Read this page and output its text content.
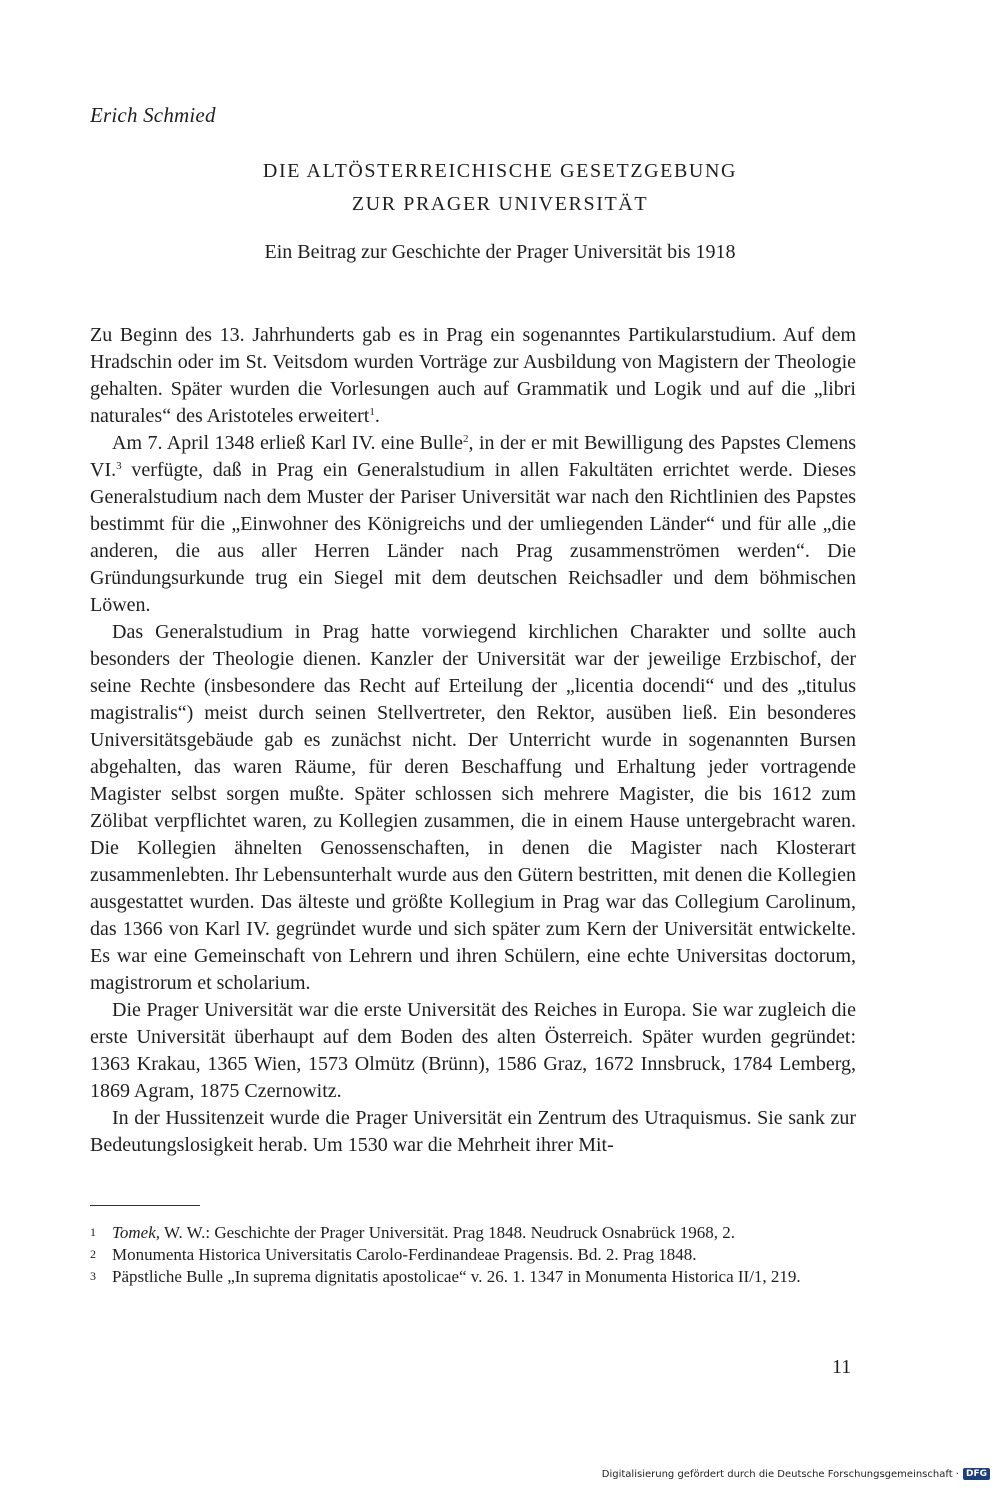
Erich Schmied
DIE ALTÖSTERREICHISCHE GESETZGEBUNG
ZUR PRAGER UNIVERSITÄT
Ein Beitrag zur Geschichte der Prager Universität bis 1918

Zu Beginn des 13. Jahrhunderts gab es in Prag ein sogenanntes Partikularstudium. Auf dem Hradschin oder im St. Veitsdom wurden Vorträge zur Ausbildung von Magistern der Theologie gehalten. Später wurden die Vorlesungen auch auf Grammatik und Logik und auf die „libri naturales“ des Aristoteles erweitert$^1$.

Am 7. April 1348 erließ Karl IV. eine Bulle$^2$, in der er mit Bewilligung des Papstes Clemens VI.$^3$ verfügte, daß in Prag ein Generalstudium in allen Fakultäten errichtet werde. Dieses Generalstudium nach dem Muster der Pariser Universität war nach den Richtlinien des Papstes bestimmt für die „Einwohner des Königreichs und der umliegenden Länder“ und für alle „die anderen, die aus aller Herren Länder nach Prag zusammenströmen werden“. Die Gründungsurkunde trug ein Siegel mit dem deutschen Reichsadler und dem böhmischen Löwen.

Das Generalstudium in Prag hatte vorwiegend kirchlichen Charakter und sollte auch besonders der Theologie dienen. Kanzler der Universität war der jeweilige Erzbischof, der seine Rechte (insbesondere das Recht auf Erteilung der „licentia docendi“ und des „titulus magistralis“) meist durch seinen Stellvertreter, den Rektor, ausüben ließ. Ein besonderes Universitätsgebäude gab es zunächst nicht. Der Unterricht wurde in sogenannten Bursen abgehalten, das waren Räume, für deren Beschaffung und Erhaltung jeder vortragende Magister selbst sorgen mußte. Später schlossen sich mehrere Magister, die bis 1612 zum Zölibat verpflichtet waren, zu Kollegien zusammen, die in einem Hause untergebracht waren. Die Kollegien ähnelten Genossenschaften, in denen die Magister nach Klosterart zusammenlebten. Ihr Lebensunterhalt wurde aus den Gütern bestritten, mit denen die Kollegien ausgestattet wurden. Das älteste und größte Kollegium in Prag war das Collegium Carolinum, das 1366 von Karl IV. gegründet wurde und sich später zum Kern der Universität entwickelte. Es war eine Gemeinschaft von Lehrern und ihren Schülern, eine echte Universitas doctorum, magistrorum et scholarium.

Die Prager Universität war die erste Universität des Reiches in Europa. Sie war zugleich die erste Universität überhaupt auf dem Boden des alten Österreich. Später wurden gegründet: 1363 Krakau, 1365 Wien, 1573 Olmütz (Brünn), 1586 Graz, 1672 Innsbruck, 1784 Lemberg, 1869 Agram, 1875 Czernowitz.

In der Hussitenzeit wurde die Prager Universität ein Zentrum des Utraquismus. Sie sank zur Bedeutungslosigkeit herab. Um 1530 war die Mehrheit ihrer Mit-

1 Tomek, W. W.: Geschichte der Prager Universität. Prag 1848. Neudruck Osnabrück 1968, 2.
2 Monumenta Historica Universitatis Carolo-Ferdinandeae Pragensis. Bd. 2. Prag 1848.
3 Päpstliche Bulle „In suprema dignitatis apostolicae“ v. 26. 1. 1347 in Monumenta Historica II/1, 219.
11
Digitalisierung gefördert durch die Deutsche Forschungsgemeinschaft · DFG
